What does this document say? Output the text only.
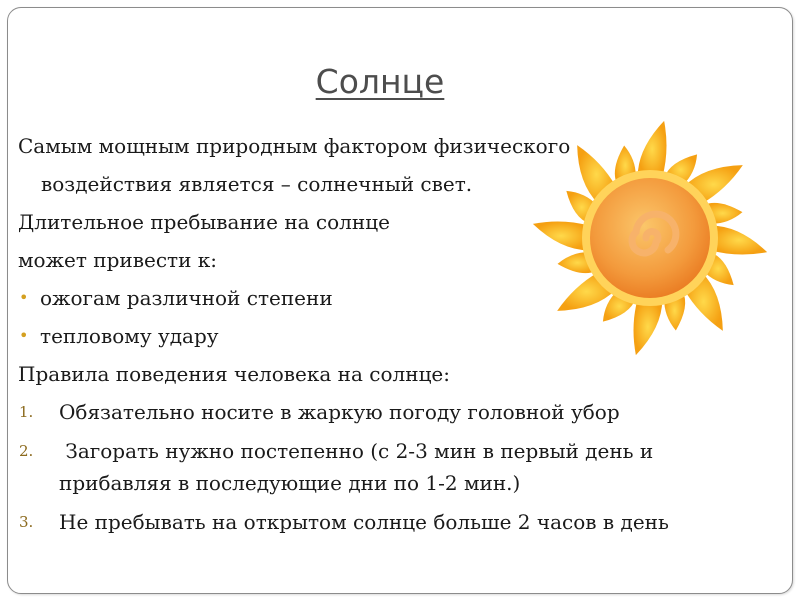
Солнце
Самым мощным природным фактором физического
воздействия является – солнечный свет.
Длительное пребывание на солнце
может привести к:
• ожогам различной степени
• тепловому удару
Правила поведения человека на солнце:
1. Обязательно носите в жаркую погоду головной убор
2. Загорать нужно постепенно (с 2-3 мин в первый день и
прибавляя в последующие дни по 1-2 мин.)
3. Не пребывать на открытом солнце больше 2 часов в день
